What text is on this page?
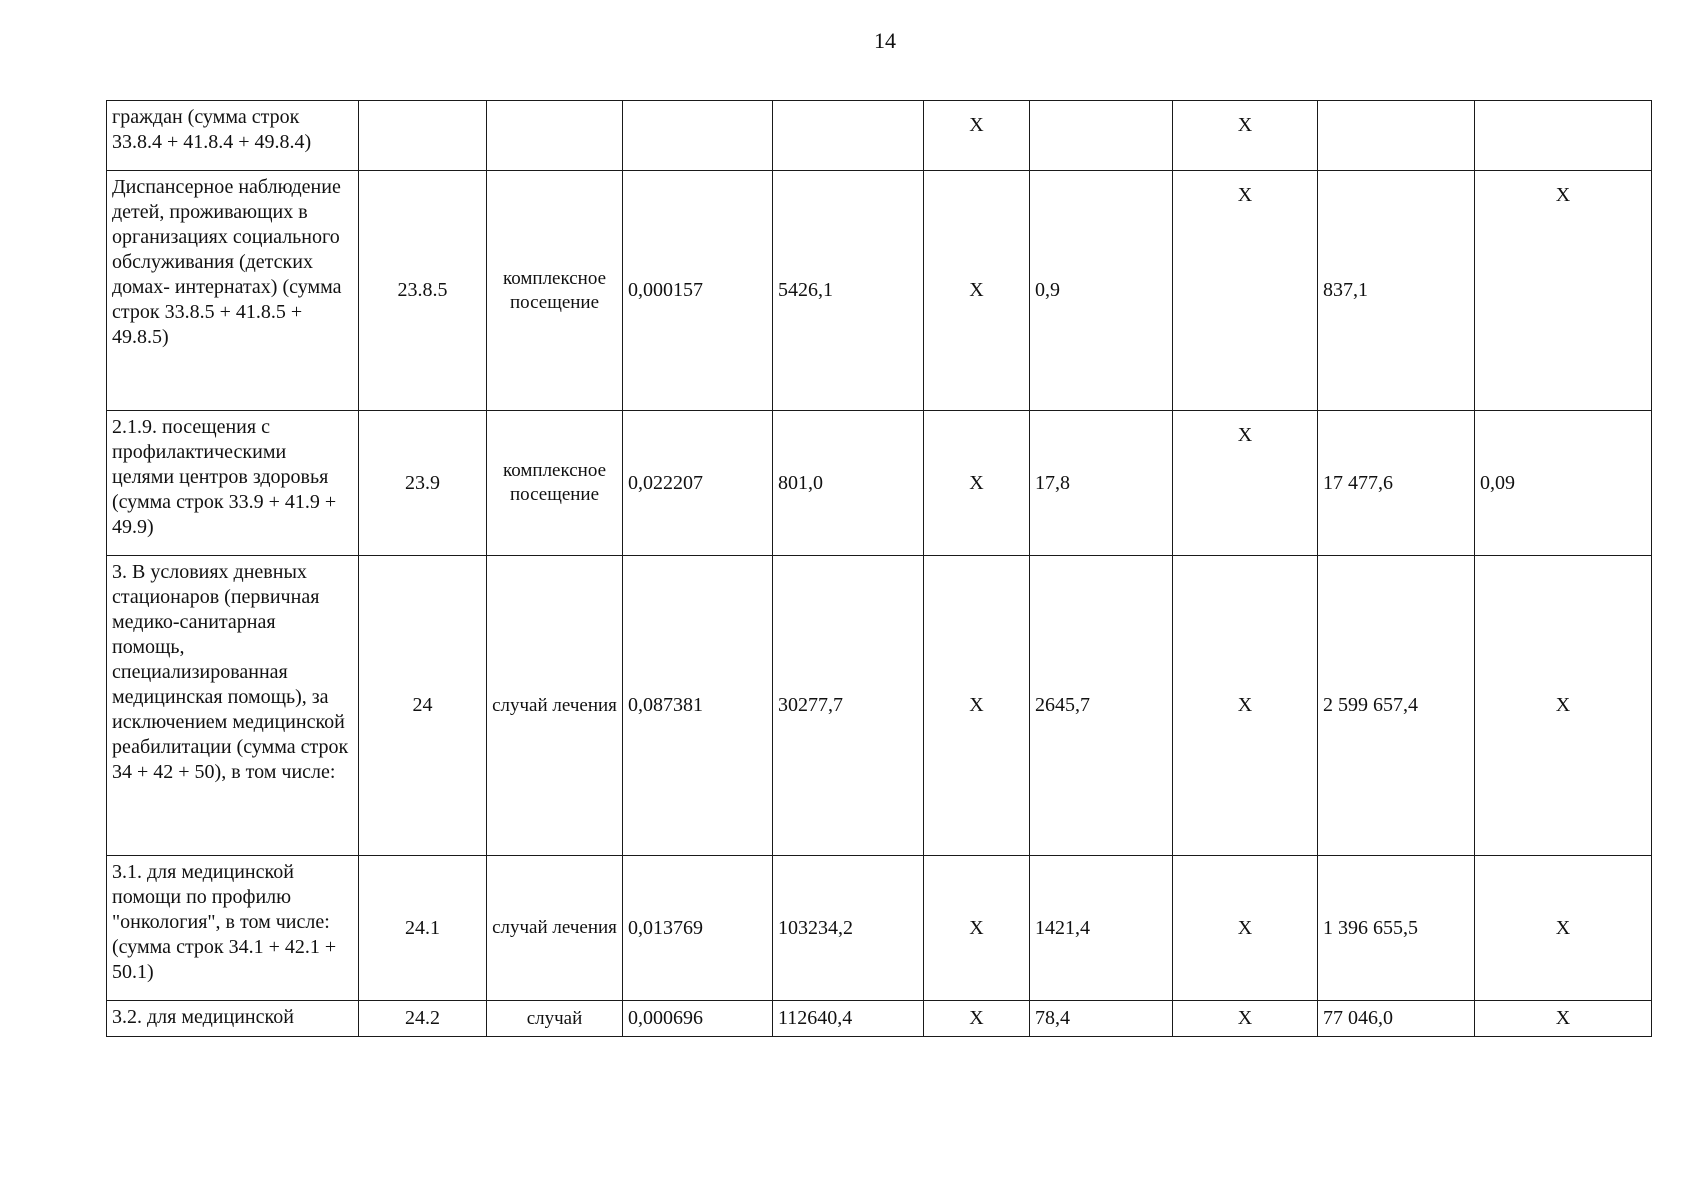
14
граждан (сумма строк 33.8.4 + 41.8.4 + 49.8.4)					X		X		
Диспансерное наблюдение детей, проживающих в организациях социального обслуживания (детских домах- интернатах) (сумма строк 33.8.5 + 41.8.5 + 49.8.5)	23.8.5	комплексное посещение	0,000157	5426,1	X	0,9	X	837,1	X
2.1.9. посещения с профилактическими целями центров здоровья (сумма строк 33.9 + 41.9 + 49.9)	23.9	комплексное посещение	0,022207	801,0	X	17,8	X	17 477,6	0,09
3. В условиях дневных стационаров (первичная медико-санитарная помощь, специализированная медицинская помощь), за исключением медицинской реабилитации (сумма строк 34 + 42 + 50), в том числе:	24	случай лечения	0,087381	30277,7	X	2645,7	X	2 599 657,4	X
3.1. для медицинской помощи по профилю "онкология", в том числе: (сумма строк 34.1 + 42.1 + 50.1)	24.1	случай лечения	0,013769	103234,2	X	1421,4	X	1 396 655,5	X
3.2. для медицинской	24.2	случай	0,000696	112640,4	X	78,4	X	77 046,0	X
